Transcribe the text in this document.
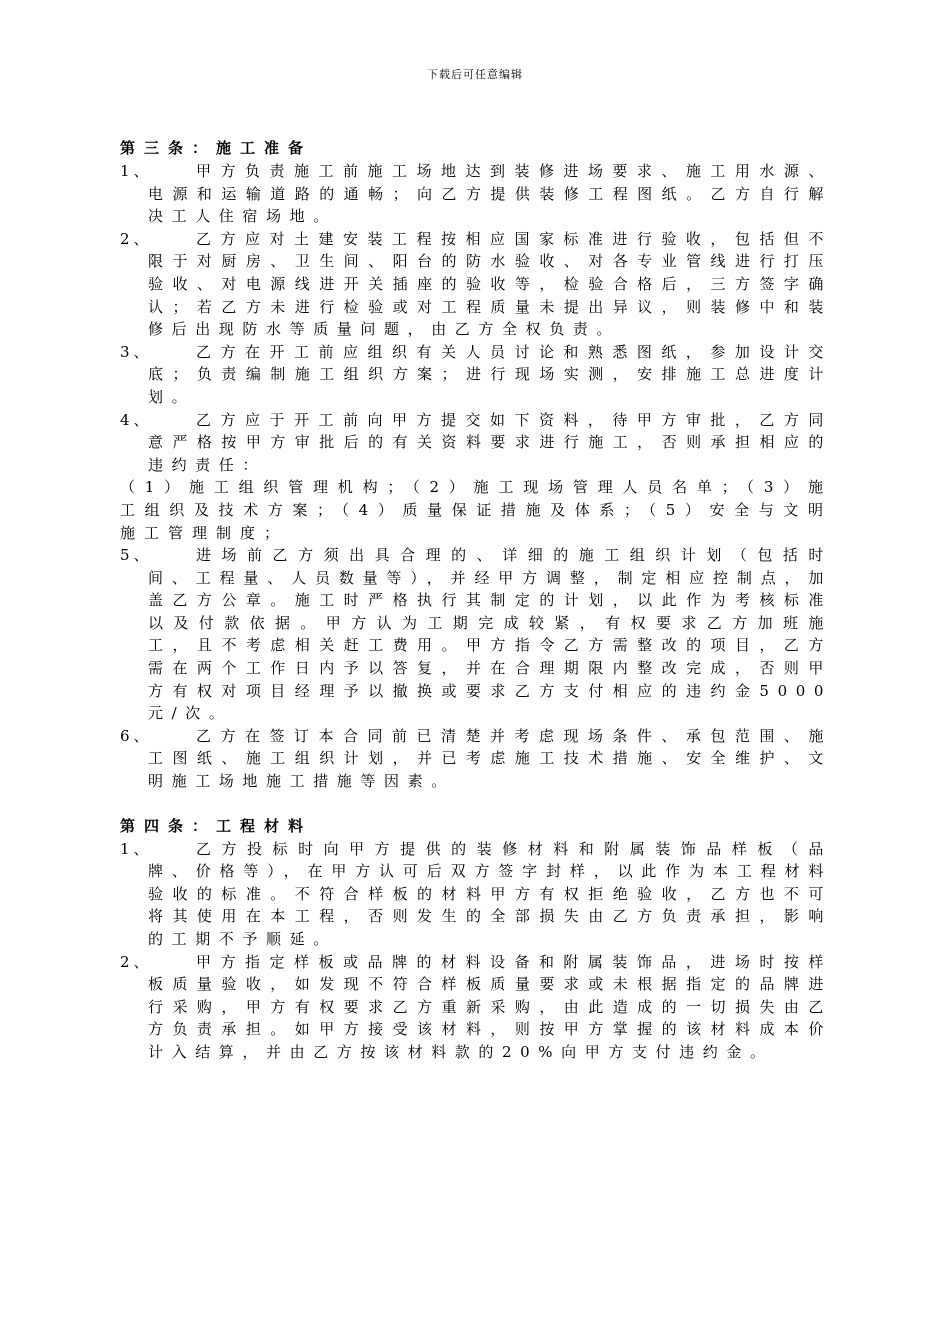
下载后可任意编辑
第三条：施工准备
1、	甲方负责施工前施工场地达到装修进场要求、施工用水源、电源和运输道路的通畅；向乙方提供装修工程图纸。乙方自行解决工人住宿场地。
2、	乙方应对土建安装工程按相应国家标准进行验收，包括但不限于对厨房、卫生间、阳台的防水验收、对各专业管线进行打压验收、对电源线进开关插座的验收等，检验合格后，三方签字确认；若乙方未进行检验或对工程质量未提出异议，则装修中和装修后出现防水等质量问题，由乙方全权负责。
3、	乙方在开工前应组织有关人员讨论和熟悉图纸，参加设计交底；负责编制施工组织方案；进行现场实测，安排施工总进度计划。
4、	乙方应于开工前向甲方提交如下资料，待甲方审批，乙方同意严格按甲方审批后的有关资料要求进行施工，否则承担相应的违约责任：
（1）施工组织管理机构；（2）施工现场管理人员名单；（3）施工组织及技术方案；（4）质量保证措施及体系；（5）安全与文明施工管理制度；
5、	进场前乙方须出具合理的、详细的施工组织计划（包括时间、工程量、人员数量等），并经甲方调整，制定相应控制点，加盖乙方公章。施工时严格执行其制定的计划，以此作为考核标准以及付款依据。甲方认为工期完成较紧，有权要求乙方加班施工，且不考虑相关赶工费用。甲方指令乙方需整改的项目，乙方需在两个工作日内予以答复，并在合理期限内整改完成，否则甲方有权对项目经理予以撤换或要求乙方支付相应的违约金5000元/次。
6、	乙方在签订本合同前已清楚并考虑现场条件、承包范围、施工图纸、施工组织计划，并已考虑施工技术措施、安全维护、文明施工场地施工措施等因素。
第四条：工程材料
1、	乙方投标时向甲方提供的装修材料和附属装饰品样板（品牌、价格等），在甲方认可后双方签字封样，以此作为本工程材料验收的标准。不符合样板的材料甲方有权拒绝验收，乙方也不可将其使用在本工程，否则发生的全部损失由乙方负责承担，影响的工期不予顺延。
2、	甲方指定样板或品牌的材料设备和附属装饰品，进场时按样板质量验收，如发现不符合样板质量要求或未根据指定的品牌进行采购，甲方有权要求乙方重新采购，由此造成的一切损失由乙方负责承担。如甲方接受该材料，则按甲方掌握的该材料成本价计入结算，并由乙方按该材料款的20%向甲方支付违约金。
